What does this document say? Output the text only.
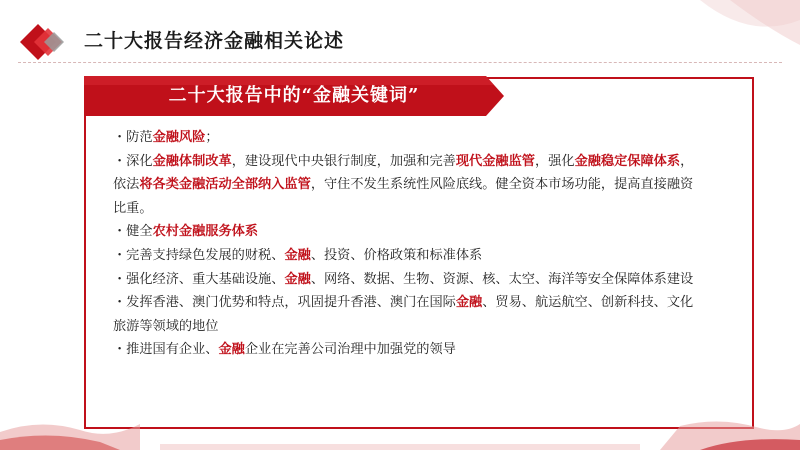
二十大报告经济金融相关论述
二十大报告中的“金融关键词”

・防范金融风险；

・深化金融体制改革，建设现代中央银行制度，加强和完善现代金融监管，强化金融稳定保障体系，依法将各类金融活动全部纳入监管，守住不发生系统性风险底线。健全资本市场功能，提高直接融资比重。

・健全农村金融服务体系

・完善支持绿色发展的财税、金融、投资、价格政策和标准体系

・强化经济、重大基础设施、金融、网络、数据、生物、资源、核、太空、海洋等安全保障体系建设

・发挥香港、澳门优势和特点，巩固提升香港、澳门在国际金融、贸易、航运航空、创新科技、文化旅游等领域的地位

・推进国有企业、金融企业在完善公司治理中加强党的领导
